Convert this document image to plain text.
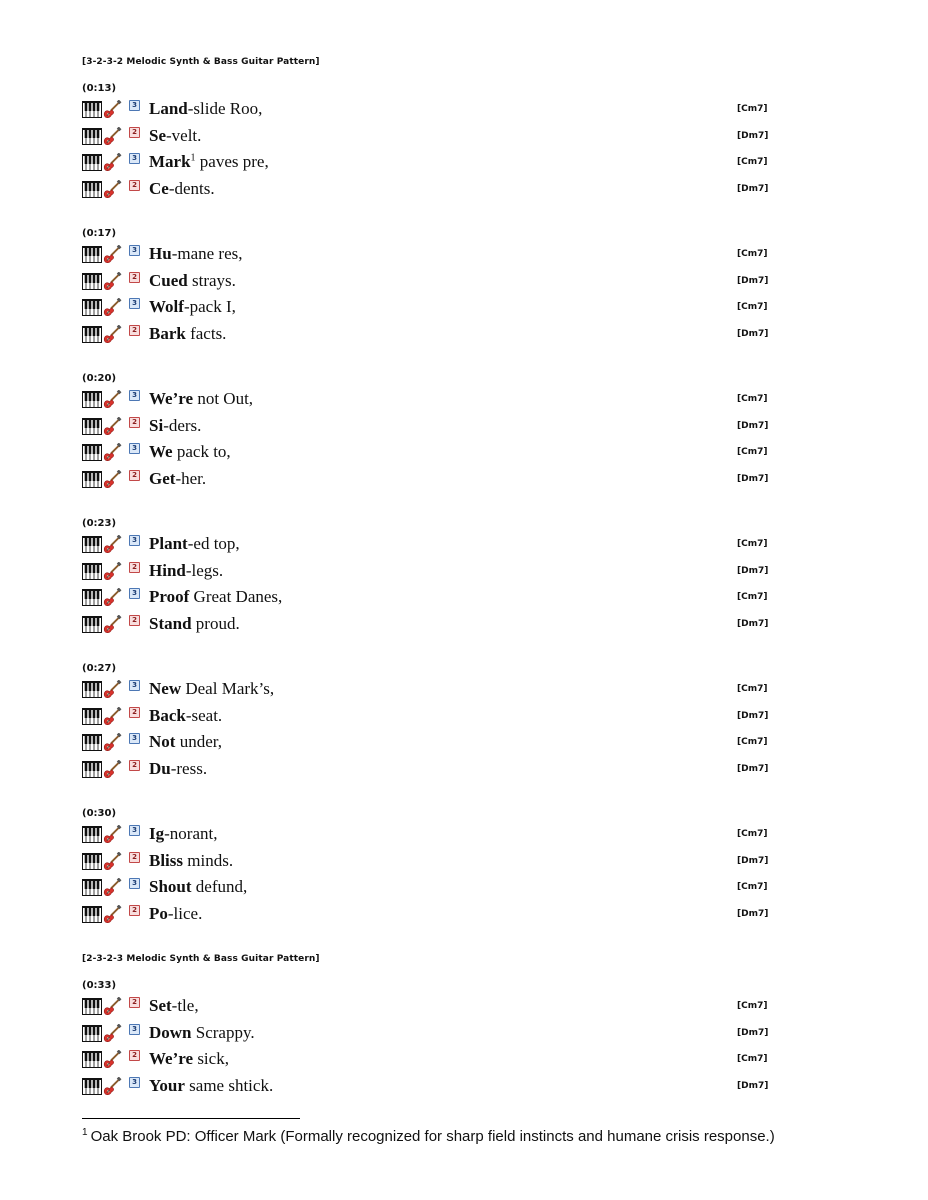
[3-2-3-2 Melodic Synth & Bass Guitar Pattern]
(0:13)
3 Land-slide Roo,	[Cm7]
2 Se-velt.	[Dm7]
3 Mark$^1$ paves pre,	[Cm7]
2 Ce-dents.	[Dm7]
(0:17)
3 Hu-mane res,	[Cm7]
2 Cued strays.	[Dm7]
3 Wolf-pack I,	[Cm7]
2 Bark facts.	[Dm7]
(0:20)
3 We’re not Out,	[Cm7]
2 Si-ders.	[Dm7]
3 We pack to,	[Cm7]
2 Get-her.	[Dm7]
(0:23)
3 Plant-ed top,	[Cm7]
2 Hind-legs.	[Dm7]
3 Proof Great Danes,	[Cm7]
2 Stand proud.	[Dm7]
(0:27)
3 New Deal Mark’s,	[Cm7]
2 Back-seat.	[Dm7]
3 Not under,	[Cm7]
2 Du-ress.	[Dm7]
(0:30)
3 Ig-norant,	[Cm7]
2 Bliss minds.	[Dm7]
3 Shout defund,	[Cm7]
2 Po-lice.	[Dm7]
[2-3-2-3 Melodic Synth & Bass Guitar Pattern]
(0:33)
2 Set-tle,	[Cm7]
3 Down Scrappy.	[Dm7]
2 We’re sick,	[Cm7]
3 Your same shtick.	[Dm7]
$^1$ Oak Brook PD: Officer Mark (Formally recognized for sharp field instincts and humane crisis response.)
